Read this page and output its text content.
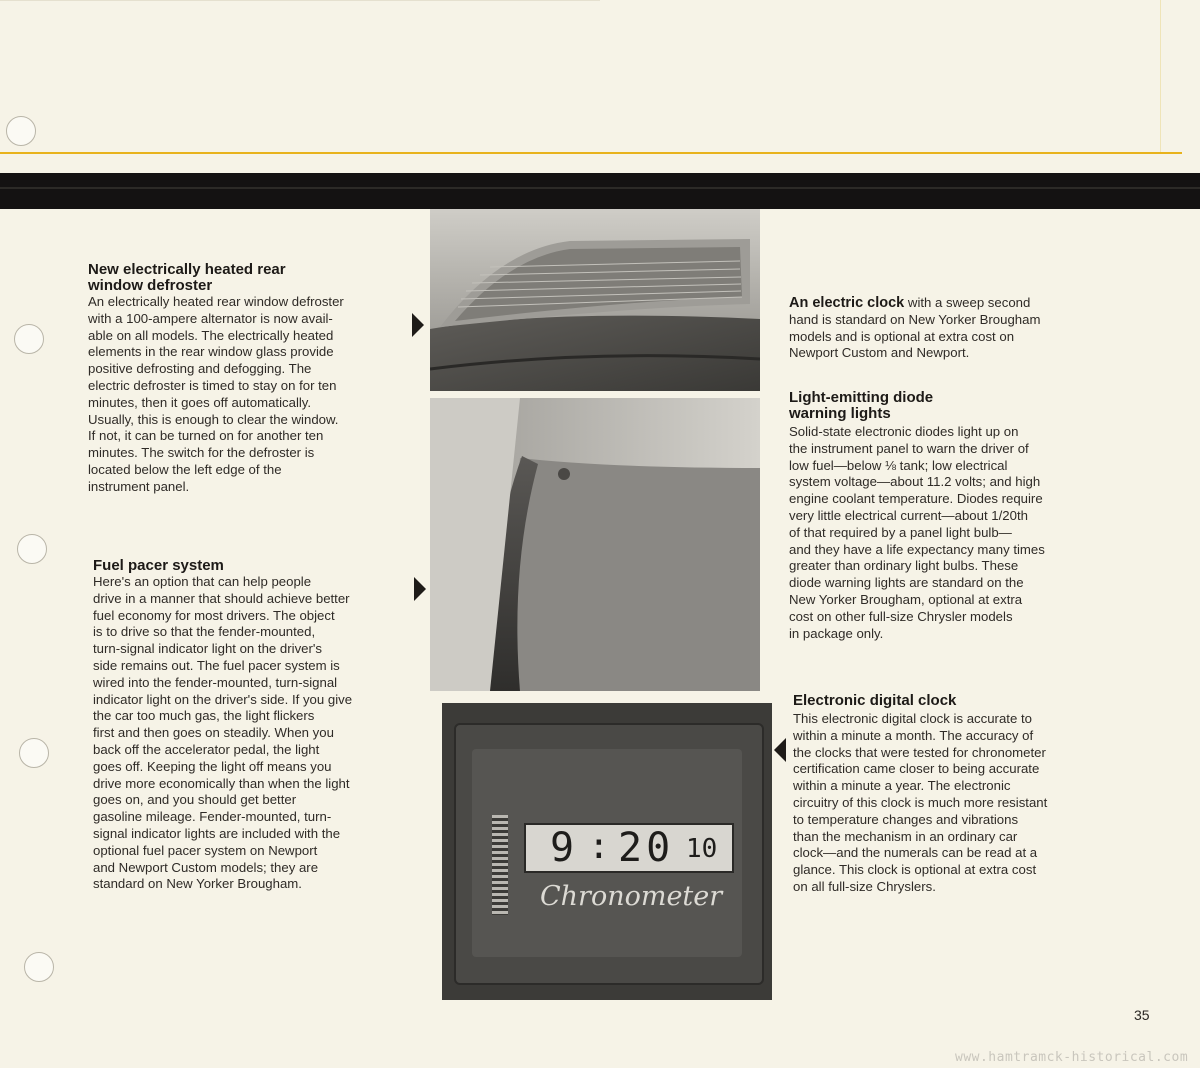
New electrically heated rear
window defroster

An electrically heated rear window defroster
with a 100-ampere alternator is now avail-
able on all models. The electrically heated
elements in the rear window glass provide
positive defrosting and defogging. The
electric defroster is timed to stay on for ten
minutes, then it goes off automatically.
Usually, this is enough to clear the window.
If not, it can be turned on for another ten
minutes. The switch for the defroster is
located below the left edge of the
instrument panel.

Fuel pacer system

Here's an option that can help people
drive in a manner that should achieve better
fuel economy for most drivers. The object
is to drive so that the fender-mounted,
turn-signal indicator light on the driver's
side remains out. The fuel pacer system is
wired into the fender-mounted, turn-signal
indicator light on the driver's side. If you give
the car too much gas, the light flickers
first and then goes on steadily. When you
back off the accelerator pedal, the light
goes off. Keeping the light off means you
drive more economically than when the light
goes on, and you should get better
gasoline mileage. Fender-mounted, turn-
signal indicator lights are included with the
optional fuel pacer system on Newport
and Newport Custom models; they are
standard on New Yorker Brougham.

9 : 20 10
Chronometer

An electric clock with a sweep second

hand is standard on New Yorker Brougham
models and is optional at extra cost on
Newport Custom and Newport.

Light-emitting diode
warning lights

Solid-state electronic diodes light up on
the instrument panel to warn the driver of
low fuel—below ⅛ tank; low electrical
system voltage—about 11.2 volts; and high
engine coolant temperature. Diodes require
very little electrical current—about 1/20th
of that required by a panel light bulb—
and they have a life expectancy many times
greater than ordinary light bulbs. These
diode warning lights are standard on the
New Yorker Brougham, optional at extra
cost on other full-size Chrysler models
in package only.

Electronic digital clock

This electronic digital clock is accurate to
within a minute a month. The accuracy of
the clocks that were tested for chronometer
certification came closer to being accurate
within a minute a year. The electronic
circuitry of this clock is much more resistant
to temperature changes and vibrations
than the mechanism in an ordinary car
clock—and the numerals can be read at a
glance. This clock is optional at extra cost
on all full-size Chryslers.

35
www.hamtramck-historical.com
